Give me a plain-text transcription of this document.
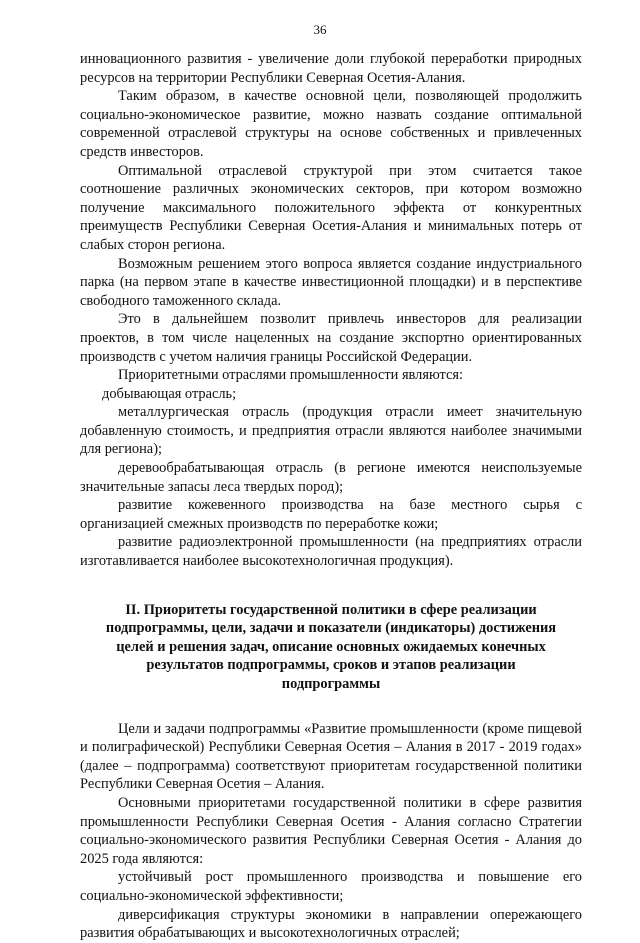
36

инновационного развития - увеличение доли глубокой переработки природных ресурсов на территории Республики Северная Осетия-Алания.

Таким образом, в качестве основной цели, позволяющей продолжить социально-экономическое развитие, можно назвать создание оптимальной современной отраслевой структуры на основе собственных и привлеченных средств инвесторов.

Оптимальной отраслевой структурой при этом считается такое соотношение различных экономических секторов, при котором возможно получение максимального положительного эффекта от конкурентных преимуществ Республики Северная Осетия-Алания и минимальных потерь от слабых сторон региона.

Возможным решением этого вопроса является создание индустриального парка (на первом этапе в качестве инвестиционной площадки) и в перспективе свободного таможенного склада.

Это в дальнейшем позволит привлечь инвесторов для реализации проектов, в том числе нацеленных на создание экспортно ориентированных производств с учетом наличия границы Российской Федерации.

Приоритетными отраслями промышленности являются:

добывающая отрасль;

металлургическая отрасль (продукция отрасли имеет значительную добавленную стоимость, и предприятия отрасли являются наиболее значимыми для региона);

деревообрабатывающая отрасль (в регионе имеются неиспользуемые значительные запасы леса твердых пород);

развитие кожевенного производства на базе местного сырья с организацией смежных производств по переработке кожи;

развитие радиоэлектронной промышленности (на предприятиях отрасли изготавливается наиболее высокотехнологичная продукция).

II. Приоритеты государственной политики в сфере реализации
подпрограммы, цели, задачи и показатели (индикаторы) достижения
целей и решения задач, описание основных ожидаемых конечных
результатов подпрограммы, сроков и этапов реализации
подпрограммы

Цели и задачи подпрограммы «Развитие промышленности (кроме пищевой и полиграфической) Республики Северная Осетия – Алания в 2017 - 2019 годах» (далее – подпрограмма) соответствуют приоритетам государственной политики Республики Северная Осетия – Алания.

Основными приоритетами государственной политики в сфере развития промышленности Республики Северная Осетия - Алания согласно Стратегии социально-экономического развития Республики Северная Осетия - Алания до 2025 года являются:

устойчивый рост промышленного производства и повышение его социально-экономической эффективности;

диверсификация структуры экономики в направлении опережающего развития обрабатывающих и высокотехнологичных отраслей;
